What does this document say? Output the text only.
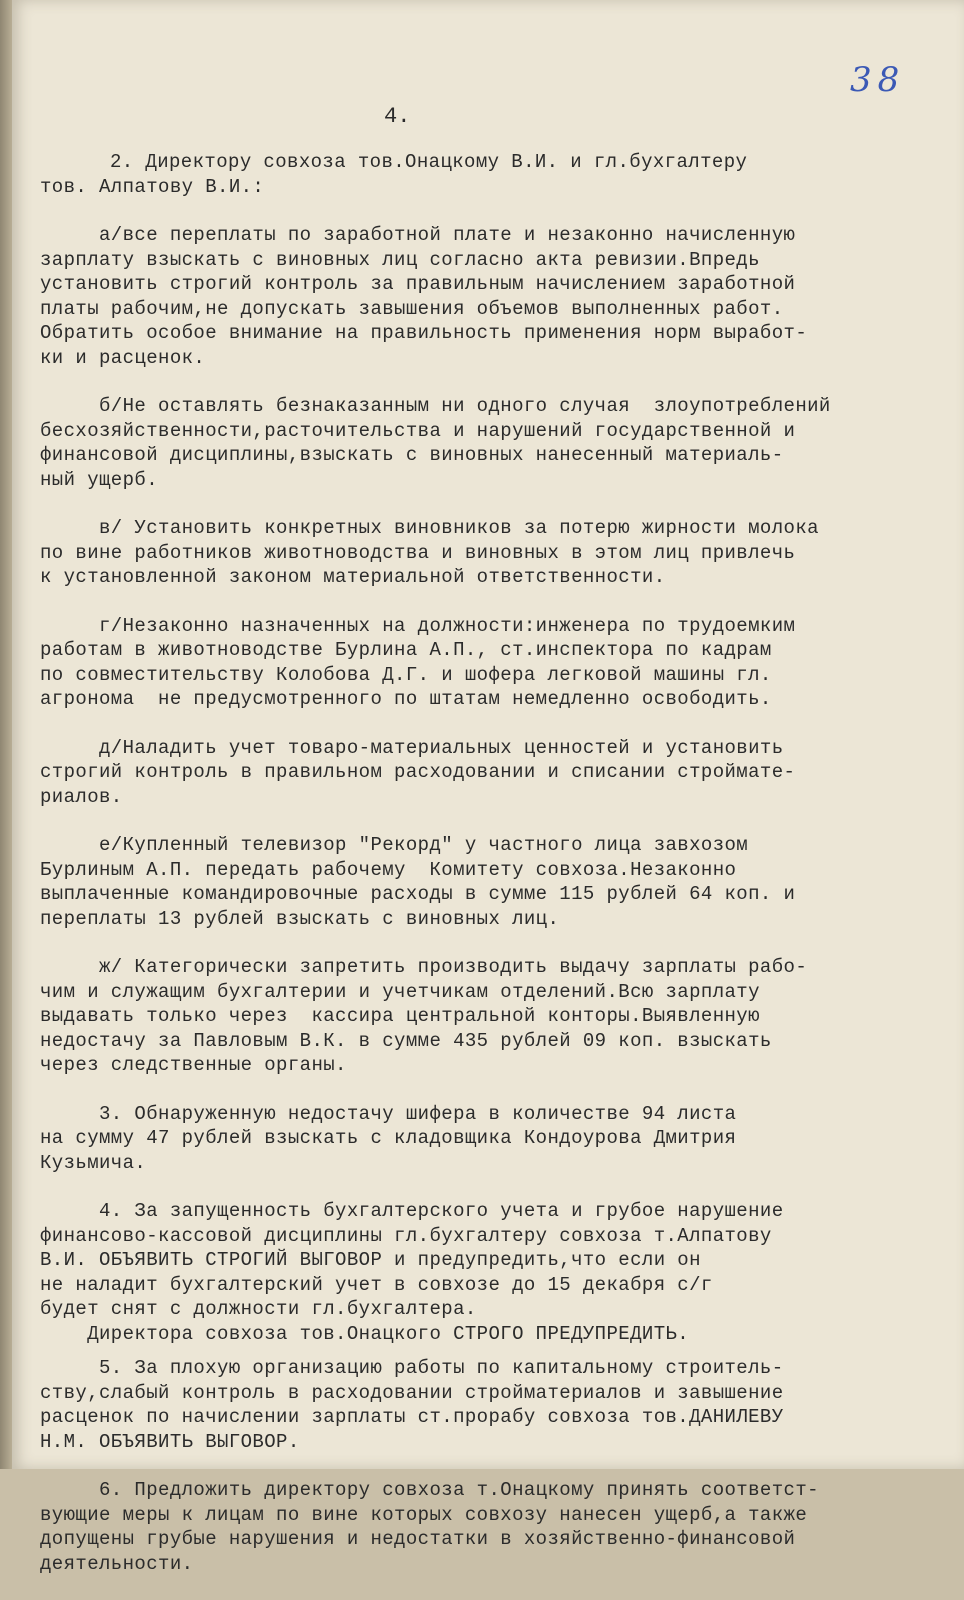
38
4.
2. Директору совхоза тов.Онацкому В.И. и гл.бухгалтеру
тов. Алпатову В.И.:
а/все переплаты по заработной плате и незаконно начисленную
зарплату взыскать с виновных лиц согласно акта ревизии.Впредь
установить строгий контроль за правильным начислением заработной
платы рабочим,не допускать завышения объемов выполненных работ.
Обратить особое внимание на правильность применения норм выработ-
ки и расценок.
б/Не оставлять безнаказанным ни одного случая  злоупотреблений
бесхозяйственности,расточительства и нарушений государственной и
финансовой дисциплины,взыскать с виновных нанесенный материаль-
ный ущерб.
в/ Установить конкретных виновников за потерю жирности молока
по вине работников животноводства и виновных в этом лиц привлечь
к установленной законом материальной ответственности.
г/Незаконно назначенных на должности:инженера по трудоемким
работам в животноводстве Бурлина А.П., ст.инспектора по кадрам
по совместительству Колобова Д.Г. и шофера легковой машины гл.
агронома  не предусмотренного по штатам немедленно освободить.
д/Наладить учет товаро-материальных ценностей и установить
строгий контроль в правильном расходовании и списании стройматe-
риалов.
е/Купленный телевизор "Рекорд" у частного лица завхозом
Бурлиным А.П. передать рабочему  Комитету совхоза.Незаконно
выплаченные командировочные расходы в сумме 115 рублей 64 коп. и
переплаты 13 рублей взыскать с виновных лиц.
ж/ Категорически запретить производить выдачу зарплаты рабо-
чим и служащим бухгалтерии и учетчикам отделений.Всю зарплату
выдавать только через  кассира центральной конторы.Выявленную
недостачу за Павловым В.К. в сумме 435 рублей 09 коп. взыскать
через следственные органы.
3. Обнаруженную недостачу шифера в количестве 94 листа
на сумму 47 рублей взыскать с кладовщика Кондоурова Дмитрия
Кузьмича.
4. За запущенность бухгалтерского учета и грубое нарушение
финансово-кассовой дисциплины гл.бухгалтеру совхоза т.Алпатову
В.И. ОБЪЯВИТЬ СТРОГИЙ ВЫГОВОР и предупредить,что если он
не наладит бухгалтерский учет в совхозе до 15 декабря с/г
будет снят с должности гл.бухгалтера.
Директора совхоза тов.Онацкого СТРОГО ПРЕДУПРЕДИТЬ.
5. За плохую организацию работы по капитальному строитель-
ству,слабый контроль в расходовании стройматериалов и завышение
расценок по начислении зарплаты ст.прорабу совхоза тов.ДАНИЛЕВУ
Н.М. ОБЪЯВИТЬ ВЫГОВОР.
6. Предложить директору совхоза т.Онацкому принять соответст-
вующие меры к лицам по вине которых совхозу нанесен ущерб,а также
допущены грубые нарушения и недостатки в хозяйственно-финансовой
деятельности.
